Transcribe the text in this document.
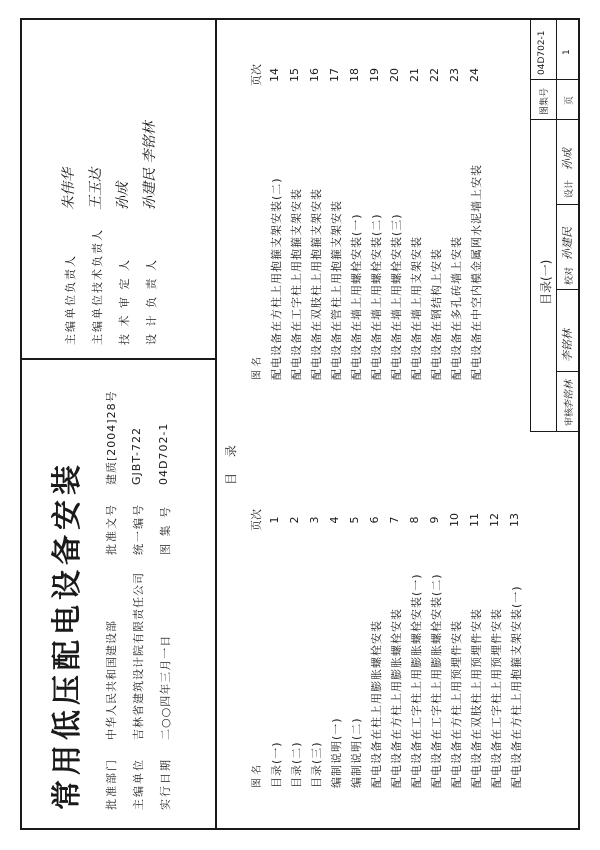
常用低压配电设备安装 批准部门
中华人民共和国建设部
批准文号
建质[2004]28号
主编单位
吉林省建筑设计院有限责任公司
统一编号
GJBT-722
实行日期
二○○四年三月一日
图 集 号
04D702-1
主编单位负责人
朱伟华
主编单位技术负责人
王玉达
技 术 审 定 人
孙成
设 计 负 责 人
孙建民 李铭林
目 录
图 名
页次
目录(一)
1
目录(二)
2
目录(三)
3
编制说明(一)
4
编制说明(二)
5
配电设备在柱上用膨胀螺栓安装
6
配电设备在方柱上用膨胀螺栓安装
7
配电设备在工字柱上用膨胀螺栓安装(一)
8
配电设备在工字柱上用膨胀螺栓安装(二)
9
配电设备在方柱上用预埋件安装
10
配电设备在双肢柱上用预埋件安装
11
配电设备在工字柱上用预埋件安装
12
配电设备在方柱上用抱箍支架安装(一)
13
图 名
页次
配电设备在方柱上用抱箍支架安装(二)
14
配电设备在工字柱上用抱箍支架安装
15
配电设备在双肢柱上用抱箍支架安装
16
配电设备在管柱上用抱箍支架安装
17
配电设备在墙上用螺栓安装(一)
18
配电设备在墙上用螺栓安装(二)
19
配电设备在墙上用螺栓安装(三)
20
配电设备在墙上用支架安装
21
配电设备在钢结构上安装
22
配电设备在多孔砖墙上安装
23
配电设备在中空内模金属网水泥墙上安装
24
目录(一)
图集号
04D702-1
审核
李铭林
李铭林
校对
孙建民
设计
孙成
页
1
